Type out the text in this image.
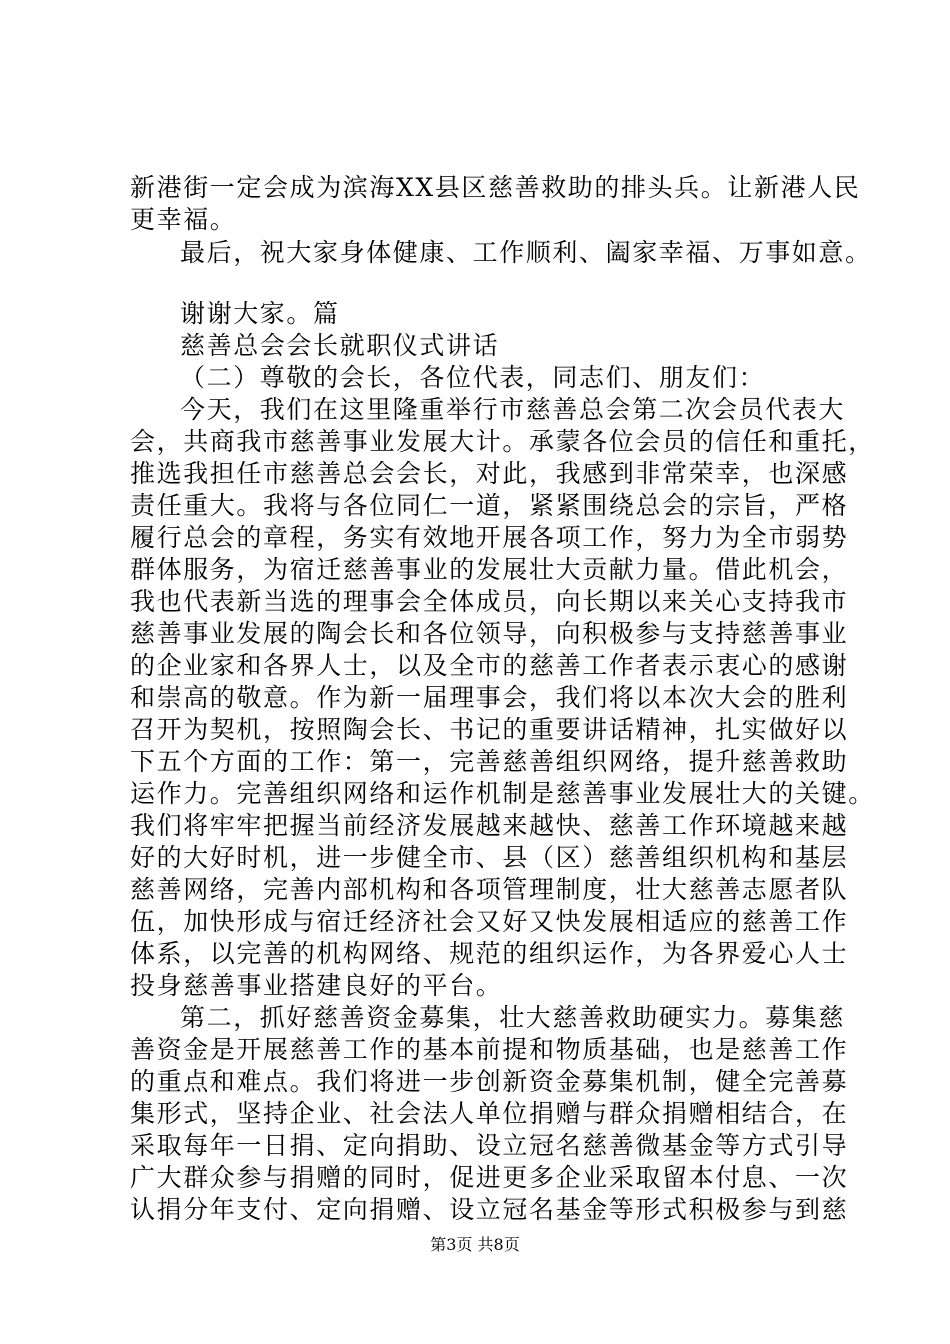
新港街一定会成为滨海XX县区慈善救助的排头兵。让新港人民
更幸福。
最后，祝大家身体健康、工作顺利、阖家幸福、万事如意。
谢谢大家。篇
慈善总会会长就职仪式讲话
（二）尊敬的会长，各位代表，同志们、朋友们：
今天，我们在这里隆重举行市慈善总会第二次会员代表大
会，共商我市慈善事业发展大计。承蒙各位会员的信任和重托，
推选我担任市慈善总会会长，对此，我感到非常荣幸，也深感
责任重大。我将与各位同仁一道，紧紧围绕总会的宗旨，严格
履行总会的章程，务实有效地开展各项工作，努力为全市弱势
群体服务，为宿迁慈善事业的发展壮大贡献力量。借此机会，
我也代表新当选的理事会全体成员，向长期以来关心支持我市
慈善事业发展的陶会长和各位领导，向积极参与支持慈善事业
的企业家和各界人士，以及全市的慈善工作者表示衷心的感谢
和崇高的敬意。作为新一届理事会，我们将以本次大会的胜利
召开为契机，按照陶会长、书记的重要讲话精神，扎实做好以
下五个方面的工作：第一，完善慈善组织网络，提升慈善救助
运作力。完善组织网络和运作机制是慈善事业发展壮大的关键。
我们将牢牢把握当前经济发展越来越快、慈善工作环境越来越
好的大好时机，进一步健全市、县（区）慈善组织机构和基层
慈善网络，完善内部机构和各项管理制度，壮大慈善志愿者队
伍，加快形成与宿迁经济社会又好又快发展相适应的慈善工作
体系，以完善的机构网络、规范的组织运作，为各界爱心人士
投身慈善事业搭建良好的平台。
第二，抓好慈善资金募集，壮大慈善救助硬实力。募集慈
善资金是开展慈善工作的基本前提和物质基础，也是慈善工作
的重点和难点。我们将进一步创新资金募集机制，健全完善募
集形式，坚持企业、社会法人单位捐赠与群众捐赠相结合，在
采取每年一日捐、定向捐助、设立冠名慈善微基金等方式引导
广大群众参与捐赠的同时，促进更多企业采取留本付息、一次
认捐分年支付、定向捐赠、设立冠名基金等形式积极参与到慈
第3页 共8页
